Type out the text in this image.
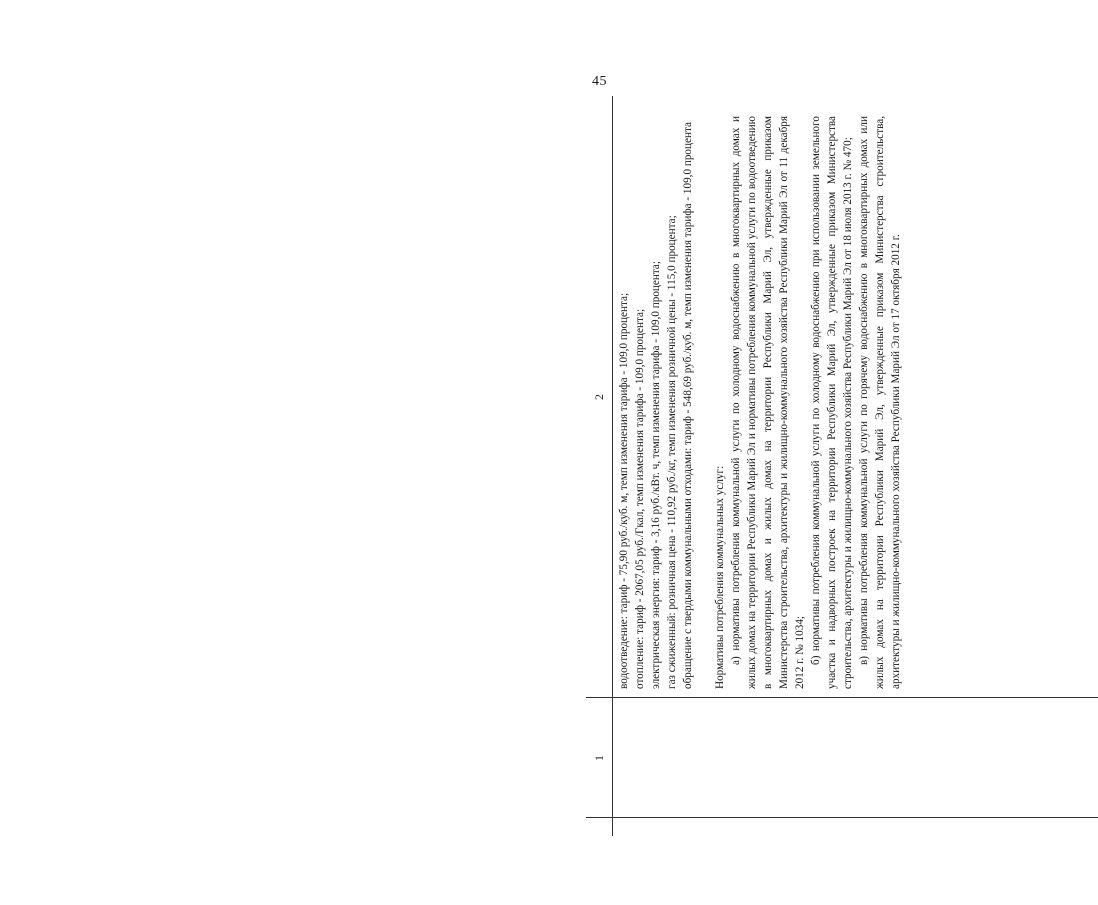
45
1
2 водоотведение: тариф - 75,90 руб./куб. м, темп изменения тарифа - 109,0 процента; отопление: тариф - 2067,05 руб./Гкал, темп изменения тарифа - 109,0 процента; электрическая энергия: тариф - 3,16 руб./кВт. ч, темп изменения тарифа - 109,0 процента; газ сжиженный: розничная цена - 110,92 руб./кг, темп изменения розничной цены - 115,0 процента; обращение с твердыми коммунальными отходами: тариф - 548,69 руб./куб. м, темп изменения тарифа - 109,0 процента Нормативы потребления коммунальных услуг: а) нормативы потребления коммунальной услуги по холодному водоснабжению в многоквартирных домах и жилых домах на территории Республики Марий Эл и нормативы потребления коммунальной услуги по водоотведению в многоквартирных домах и жилых домах на территории Республики Марий Эл, утвержденные приказом Министерства строительства, архитектуры и жилищно-коммунального хозяйства Республики Марий Эл от 11 декабря 2012 г. № 1034; б) нормативы потребления коммунальной услуги по холодному водоснабжению при использовании земельного участка и надворных построек на территории Республики Марий Эл, утвержденные приказом Министерства строительства, архитектуры и жилищно-коммунального хозяйства Республики Марий Эл от 18 июля 2013 г. № 470; в) нормативы потребления коммунальной услуги по горячему водоснабжению в многоквартирных домах или жилых домах на территории Республики Марий Эл, утвержденные приказом Министерства строительства, архитектуры и жилищно-коммунального хозяйства Республики Марий Эл от 17 октября 2012 г.
